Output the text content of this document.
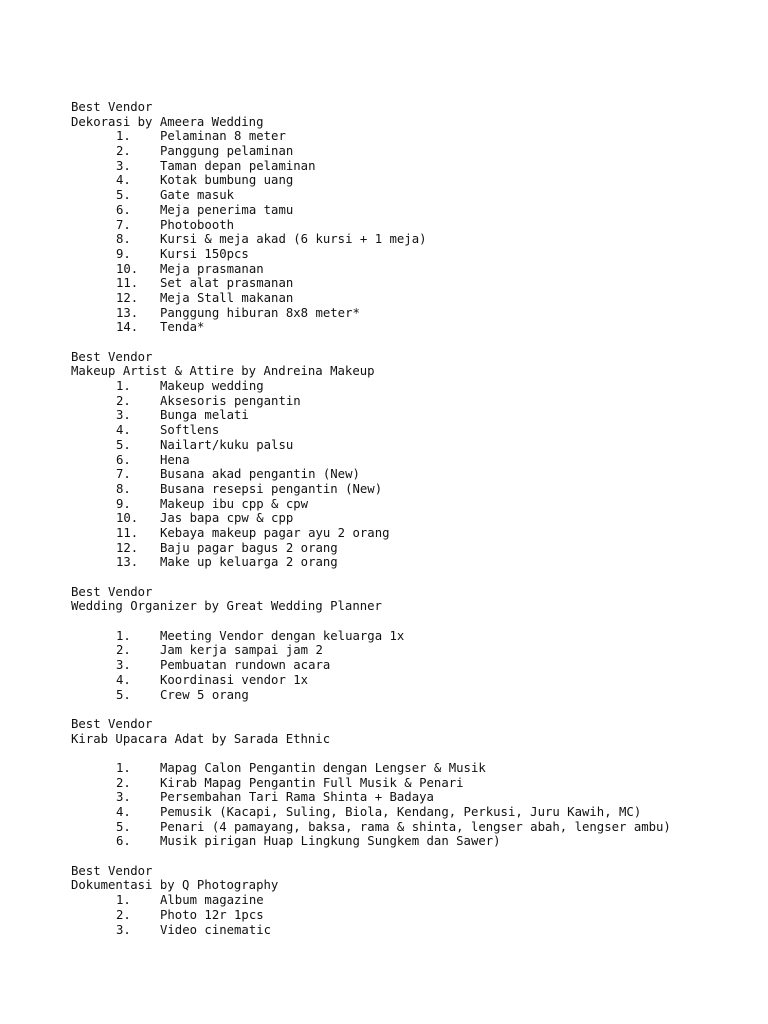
Best Vendor
Dekorasi by Ameera Wedding
1. Pelaminan 8 meter
2. Panggung pelaminan
3. Taman depan pelaminan
4. Kotak bumbung uang
5. Gate masuk
6. Meja penerima tamu
7. Photobooth
8. Kursi & meja akad (6 kursi + 1 meja)
9. Kursi 150pcs
10. Meja prasmanan
11. Set alat prasmanan
12. Meja Stall makanan
13. Panggung hiburan 8x8 meter*
14. Tenda*
Best Vendor
Makeup Artist & Attire by Andreina Makeup
1. Makeup wedding
2. Aksesoris pengantin
3. Bunga melati
4. Softlens
5. Nailart/kuku palsu
6. Hena
7. Busana akad pengantin (New)
8. Busana resepsi pengantin (New)
9. Makeup ibu cpp & cpw
10. Jas bapa cpw & cpp
11. Kebaya makeup pagar ayu 2 orang
12. Baju pagar bagus 2 orang
13. Make up keluarga 2 orang
Best Vendor
Wedding Organizer by Great Wedding Planner
1. Meeting Vendor dengan keluarga 1x
2. Jam kerja sampai jam 2
3. Pembuatan rundown acara
4. Koordinasi vendor 1x
5. Crew 5 orang
Best Vendor
Kirab Upacara Adat by Sarada Ethnic
1. Mapag Calon Pengantin dengan Lengser & Musik
2. Kirab Mapag Pengantin Full Musik & Penari
3. Persembahan Tari Rama Shinta + Badaya
4. Pemusik (Kacapi, Suling, Biola, Kendang, Perkusi, Juru Kawih, MC)
5. Penari (4 pamayang, baksa, rama & shinta, lengser abah, lengser ambu)
6. Musik pirigan Huap Lingkung Sungkem dan Sawer)
Best Vendor
Dokumentasi by Q Photography
1. Album magazine
2. Photo 12r 1pcs
3. Video cinematic
